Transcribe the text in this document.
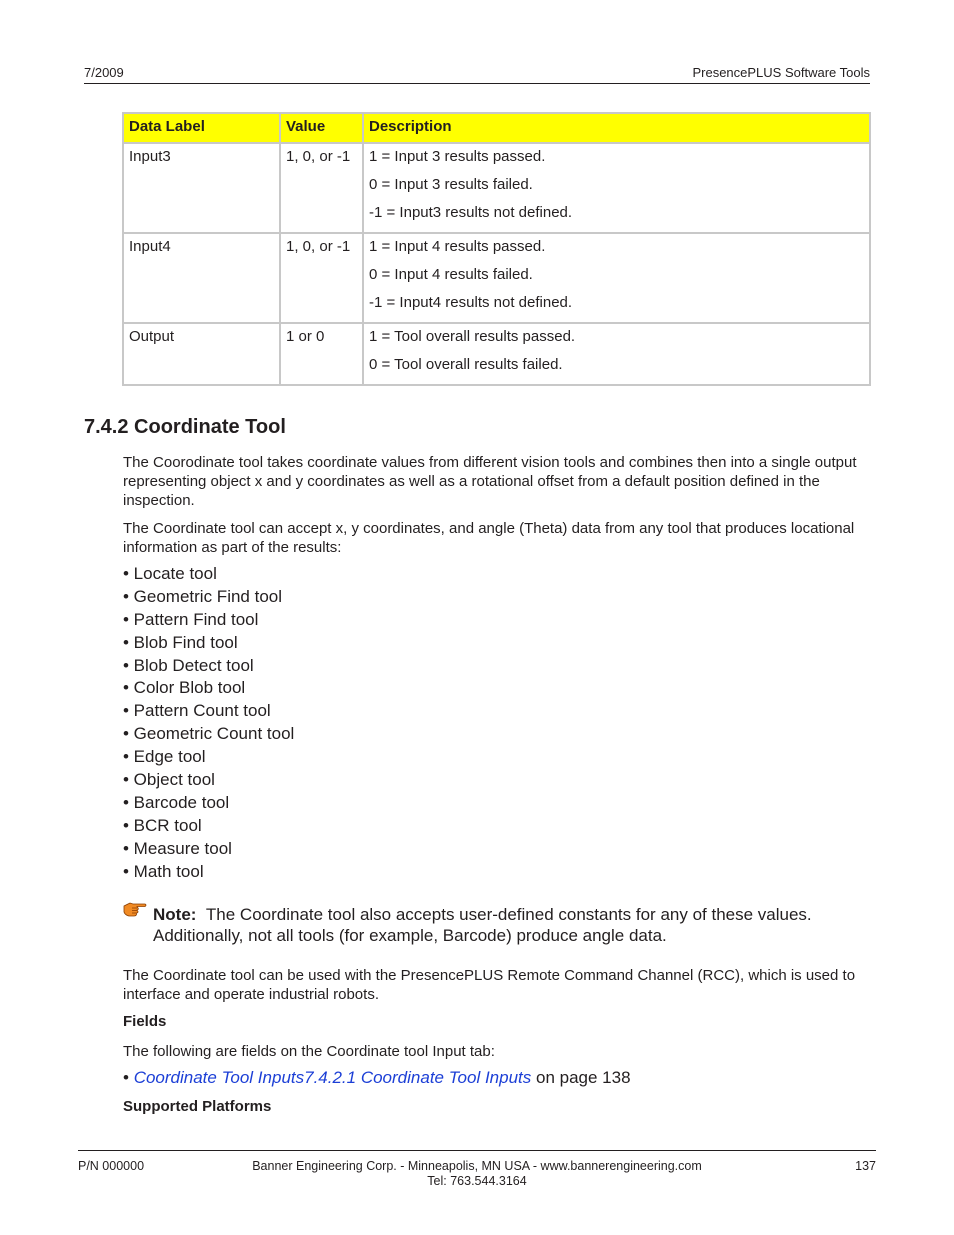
7/2009	PresencePLUS Software Tools
Data Label	Value	Description
Input3	1, 0, or -1	1 = Input 3 results passed.

0 = Input 3 results failed.

-1 = Input3 results not defined.

Input4	1, 0, or -1	1 = Input 4 results passed.

0 = Input 4 results failed.

-1 = Input4 results not defined.

Output	1 or 0	1 = Tool overall results passed.

0 = Tool overall results failed.

7.4.2 Coordinate Tool

The Coorodinate tool takes coordinate values from different vision tools and combines then into a single output representing object x and y coordinates as well as a rotational offset from a default position defined in the inspection.

The Coordinate tool can accept x, y coordinates, and angle (Theta) data from any tool that produces locational information as part of the results:

• Locate tool
• Geometric Find tool
• Pattern Find tool
• Blob Find tool
• Blob Detect tool
• Color Blob tool
• Pattern Count tool
• Geometric Count tool
• Edge tool
• Object tool
• Barcode tool
• BCR tool
• Measure tool
• Math tool

Note: The Coordinate tool also accepts user-defined constants for any of these values. Additionally, not all tools (for example, Barcode) produce angle data.

The Coordinate tool can be used with the PresencePLUS Remote Command Channel (RCC), which is used to interface and operate industrial robots.

Fields

The following are fields on the Coordinate tool Input tab:

• Coordinate Tool Inputs7.4.2.1 Coordinate Tool Inputs on page 138

Supported Platforms

P/N 000000	Banner Engineering Corp. - Minneapolis, MN USA - www.bannerengineering.com
Tel: 763.544.3164
137
